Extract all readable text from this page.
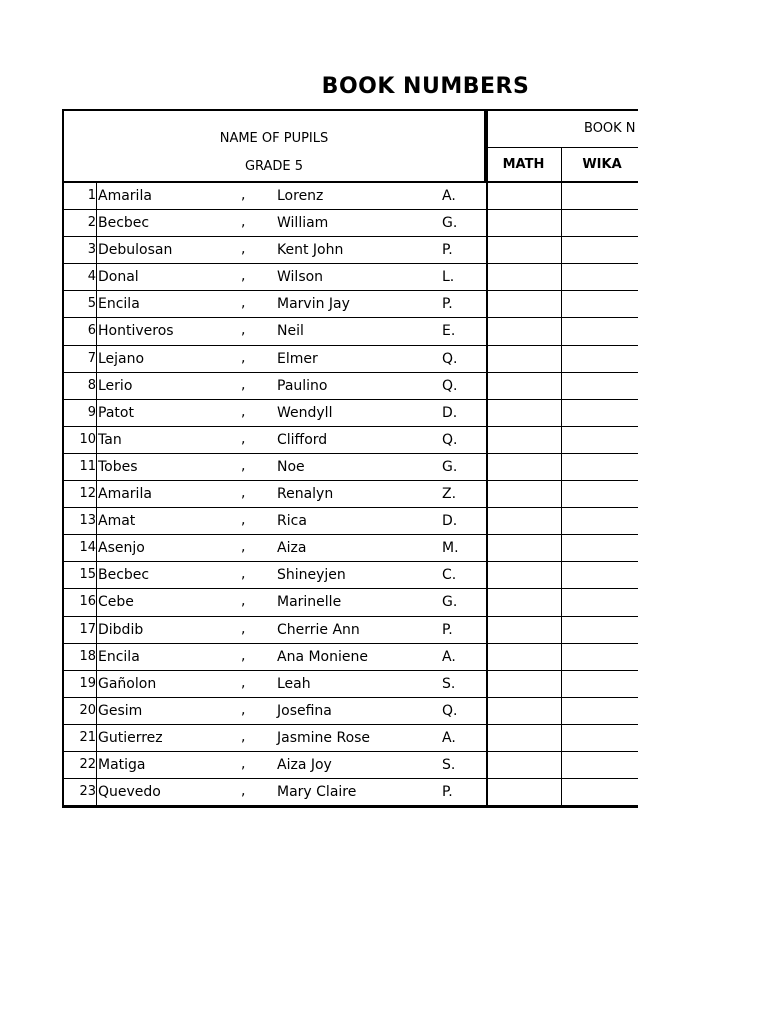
BOOK NUMBERS
NAME OF PUPILS
GRADE 5
BOOK N
MATH	WIKA
1 Amarila	, Lorenz	A.
2 Becbec	, William	G.
3 Debulosan	, Kent John	P.
4 Donal	, Wilson	L.
5 Encila	, Marvin Jay	P.
6 Hontiveros	, Neil	E.
7 Lejano	, Elmer	Q.
8 Lerio	, Paulino	Q.
9 Patot	, Wendyll	D.
10 Tan	, Clifford	Q.
11 Tobes	, Noe	G.
12 Amarila	, Renalyn	Z.
13 Amat	, Rica	D.
14 Asenjo	, Aiza	M.
15 Becbec	, Shineyjen	C.
16 Cebe	, Marinelle	G.
17 Dibdib	, Cherrie Ann	P.
18 Encila	, Ana Moniene	A.
19 Gañolon	, Leah	S.
20 Gesim	, Josefina	Q.
21 Gutierrez	, Jasmine Rose	A.
22 Matiga	, Aiza Joy	S.
23 Quevedo	, Mary Claire	P.
